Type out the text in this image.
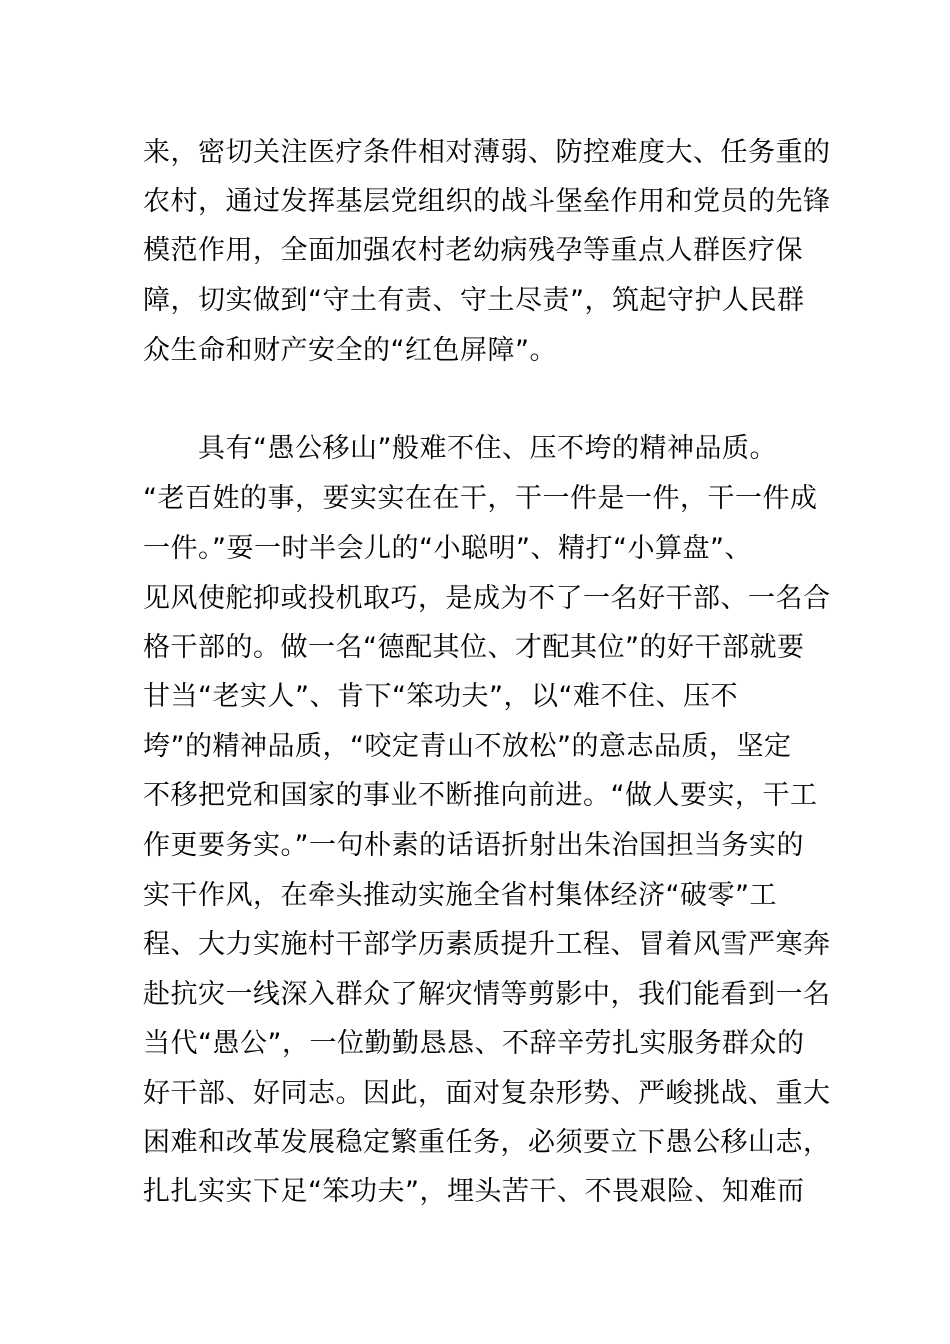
来，密切关注医疗条件相对薄弱、防控难度大、任务重的
农村，通过发挥基层党组织的战斗堡垒作用和党员的先锋
模范作用，全面加强农村老幼病残孕等重点人群医疗保
障，切实做到“守土有责、守土尽责”，筑起守护人民群
众生命和财产安全的“红色屏障”。
具有“愚公移山”般难不住、压不垮的精神品质。
“老百姓的事，要实实在在干，干一件是一件，干一件成
一件。”耍一时半会儿的“小聪明”、精打“小算盘”、
见风使舵抑或投机取巧，是成为不了一名好干部、一名合
格干部的。做一名“德配其位、才配其位”的好干部就要
甘当“老实人”、肯下“笨功夫”，以“难不住、压不
垮”的精神品质，“咬定青山不放松”的意志品质，坚定
不移把党和国家的事业不断推向前进。“做人要实，干工
作更要务实。”一句朴素的话语折射出朱治国担当务实的
实干作风，在牵头推动实施全省村集体经济“破零”工
程、大力实施村干部学历素质提升工程、冒着风雪严寒奔
赴抗灾一线深入群众了解灾情等剪影中，我们能看到一名
当代“愚公”，一位勤勤恳恳、不辞辛劳扎实服务群众的
好干部、好同志。因此，面对复杂形势、严峻挑战、重大
困难和改革发展稳定繁重任务，必须要立下愚公移山志，
扎扎实实下足“笨功夫”，埋头苦干、不畏艰险、知难而
